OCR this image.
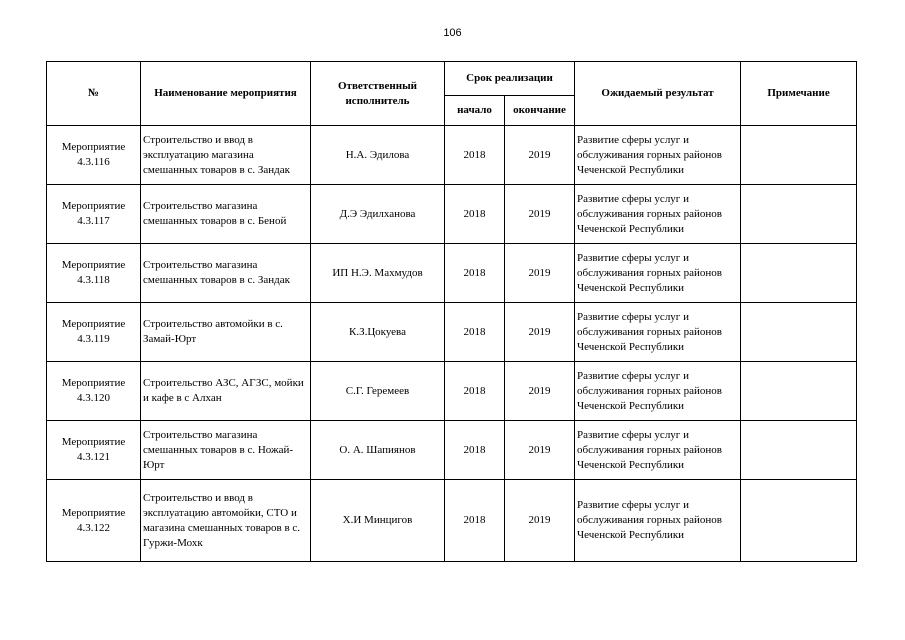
106
№	Наименование мероприятия	Ответственный исполнитель	Срок реализации		Ожидаемый результат	Примечание
			начало	окончание		
Мероприятие 4.3.116	Строительство и ввод в эксплуатацию магазина смешанных товаров в с. Зандак	Н.А. Эдилова	2018	2019	Развитие сферы услуг и обслуживания горных районов Чеченской Республики	
Мероприятие 4.3.117	Строительство магазина смешанных товаров в с. Беной	Д.Э Эдилханова	2018	2019	Развитие сферы услуг и обслуживания горных районов Чеченской Республики	
Мероприятие 4.3.118	Строительство магазина смешанных товаров в с. Зандак	ИП Н.Э. Махмудов	2018	2019	Развитие сферы услуг и обслуживания горных районов Чеченской Республики	
Мероприятие 4.3.119	Строительство автомойки в с. Замай-Юрт	К.З.Цокуева	2018	2019	Развитие сферы услуг и обслуживания горных районов Чеченской Республики	
Мероприятие 4.3.120	Строительство АЗС, АГЗС, мойки и кафе в с Алхан	С.Г. Геремеев	2018	2019	Развитие сферы услуг и обслуживания горных районов Чеченской Республики	
Мероприятие 4.3.121	Строительство магазина смешанных товаров в с. Ножай-Юрт	О. А. Шапиянов	2018	2019	Развитие сферы услуг и обслуживания горных районов Чеченской Республики	
Мероприятие 4.3.122	Строительство и ввод в эксплуатацию автомойки, СТО и магазина смешанных товаров в с. Гуржи-Мохк	Х.И Минцигов	2018	2019	Развитие сферы услуг и обслуживания горных районов Чеченской Республики	
